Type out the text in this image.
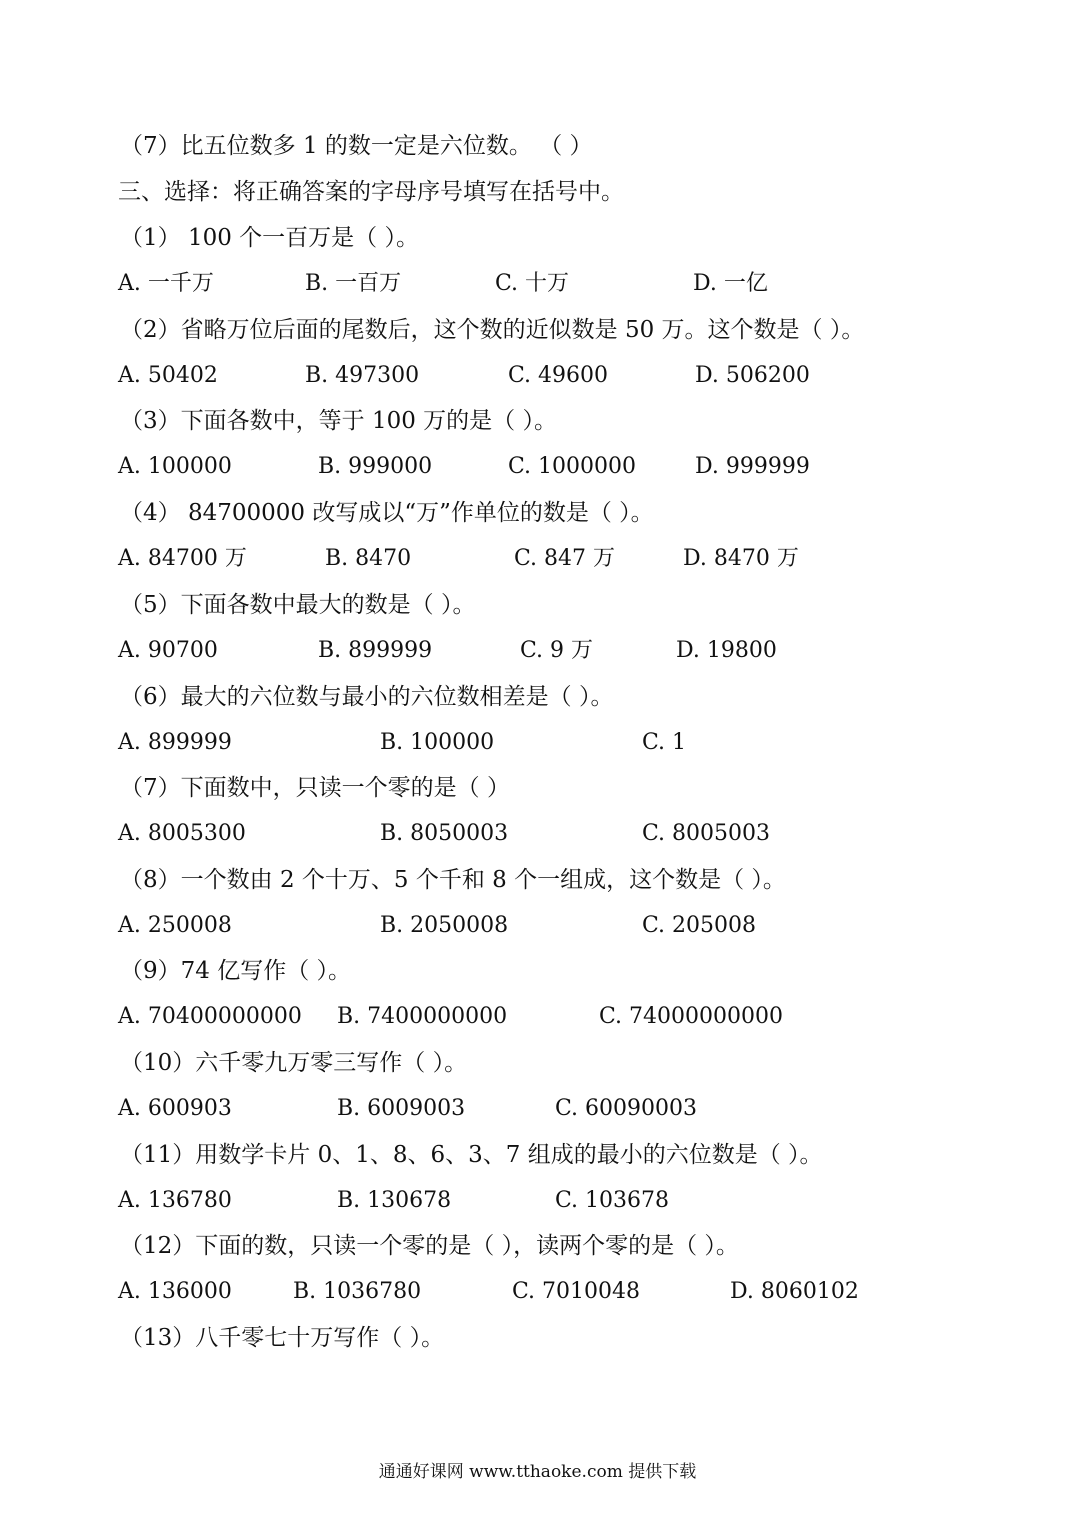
（7）比五位数多 1 的数一定是六位数。 （ ）
三、选择：将正确答案的字母序号填写在括号中。
（1） 100 个一百万是（ ）。
A. 一千万	B. 一百万	C. 十万	D. 一亿
（2）省略万位后面的尾数后，这个数的近似数是 50 万。这个数是（ ）。
A. 50402	B. 497300	C. 49600	D. 506200
（3）下面各数中，等于 100 万的是（ ）。
A. 100000	B. 999000	C. 1000000	D. 999999
（4） 84700000 改写成以“万”作单位的数是（ ）。
A. 84700 万	B. 8470	C. 847 万	D. 8470 万
（5）下面各数中最大的数是（ ）。
A. 90700	B. 899999	C. 9 万	D. 19800
（6）最大的六位数与最小的六位数相差是（ ）。
A. 899999	B. 100000	C. 1
（7）下面数中，只读一个零的是（ ）
A. 8005300	B. 8050003	C. 8005003
（8）一个数由 2 个十万、5 个千和 8 个一组成，这个数是（ ）。
A. 250008	B. 2050008	C. 205008
（9）74 亿写作（ ）。
A. 70400000000 B. 7400000000	C. 74000000000
（10）六千零九万零三写作（ ）。
A. 600903	B. 6009003	C. 60090003
（11）用数学卡片 0、1、8、6、3、7 组成的最小的六位数是（ ）。
A. 136780	B. 130678	C. 103678
（12）下面的数，只读一个零的是（ ），读两个零的是（ ）。
A. 136000	B. 1036780	C. 7010048	D. 8060102
（13）八千零七十万写作（ ）。
通通好课网 www.tthaoke.com 提供下载
